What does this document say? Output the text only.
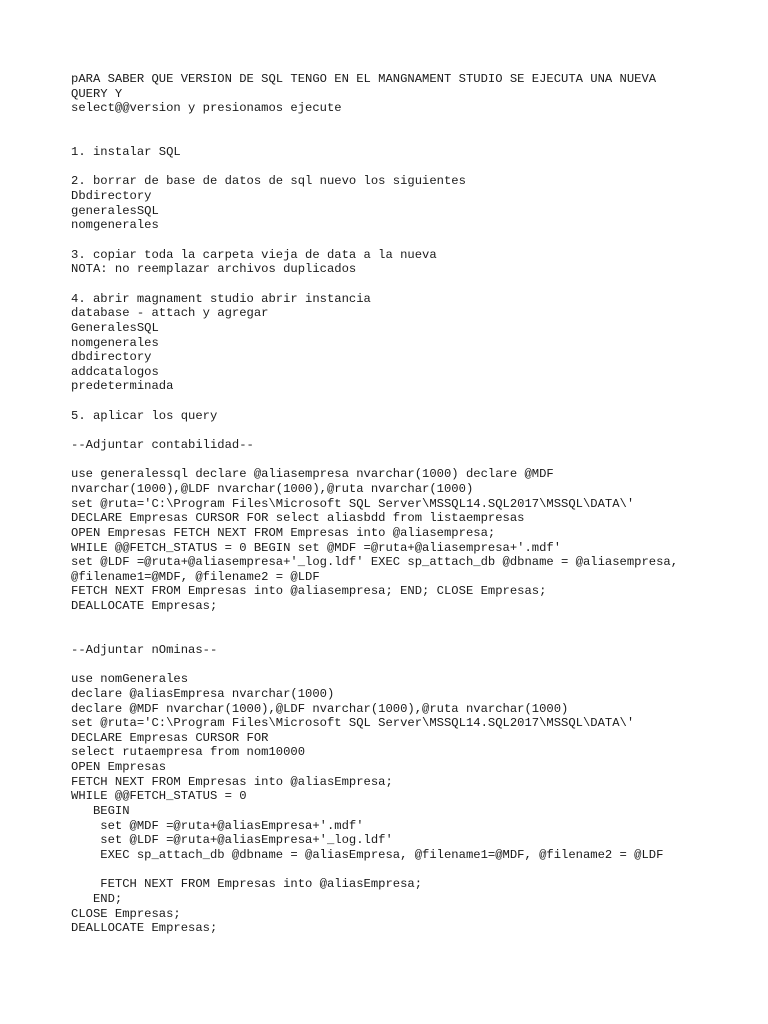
pARA SABER QUE VERSION DE SQL TENGO EN EL MANGNAMENT STUDIO SE EJECUTA UNA NUEVA
QUERY Y
select@@version y presionamos ejecute
1. instalar SQL
2. borrar de base de datos de sql nuevo los siguientes
Dbdirectory
generalesSQL
nomgenerales
3. copiar toda la carpeta vieja de data a la nueva
NOTA: no reemplazar archivos duplicados
4. abrir magnament studio abrir instancia
database - attach y agregar
GeneralesSQL
nomgenerales
dbdirectory
addcatalogos
predeterminada
5. aplicar los query
--Adjuntar contabilidad--
use generalessql declare @aliasempresa nvarchar(1000) declare @MDF
nvarchar(1000),@LDF nvarchar(1000),@ruta nvarchar(1000)
set @ruta='C:\Program Files\Microsoft SQL Server\MSSQL14.SQL2017\MSSQL\DATA\'
DECLARE Empresas CURSOR FOR select aliasbdd from listaempresas
OPEN Empresas FETCH NEXT FROM Empresas into @aliasempresa;
WHILE @@FETCH_STATUS = 0 BEGIN set @MDF =@ruta+@aliasempresa+'.mdf'
set @LDF =@ruta+@aliasempresa+'_log.ldf' EXEC sp_attach_db @dbname = @aliasempresa,
@filename1=@MDF, @filename2 = @LDF
FETCH NEXT FROM Empresas into @aliasempresa; END; CLOSE Empresas;
DEALLOCATE Empresas;
--Adjuntar nOminas--
use nomGenerales
declare @aliasEmpresa nvarchar(1000)
declare @MDF nvarchar(1000),@LDF nvarchar(1000),@ruta nvarchar(1000)
set @ruta='C:\Program Files\Microsoft SQL Server\MSSQL14.SQL2017\MSSQL\DATA\'
DECLARE Empresas CURSOR FOR
select rutaempresa from nom10000
OPEN Empresas
FETCH NEXT FROM Empresas into @aliasEmpresa;
WHILE @@FETCH_STATUS = 0
BEGIN
set @MDF =@ruta+@aliasEmpresa+'.mdf'
set @LDF =@ruta+@aliasEmpresa+'_log.ldf'
EXEC sp_attach_db @dbname = @aliasEmpresa, @filename1=@MDF, @filename2 = @LDF
FETCH NEXT FROM Empresas into @aliasEmpresa;
END;
CLOSE Empresas;
DEALLOCATE Empresas;
